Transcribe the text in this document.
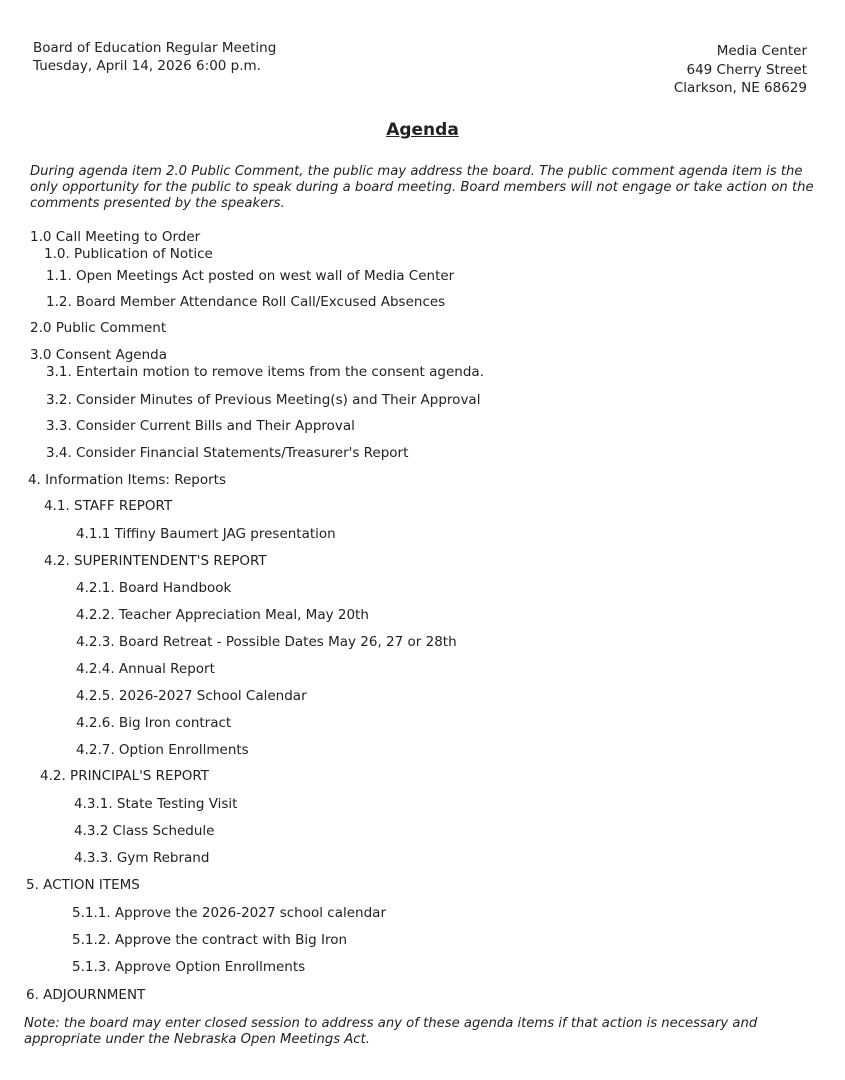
Board of Education Regular Meeting
Tuesday, April 14, 2026 6:00 p.m.
Media Center
649 Cherry Street
Clarkson, NE 68629
Agenda
During agenda item 2.0 Public Comment, the public may address the board. The public comment agenda item is the only opportunity for the public to speak during a board meeting. Board members will not engage or take action on the comments presented by the speakers.
1.0 Call Meeting to Order
1.0. Publication of Notice
1.1. Open Meetings Act posted on west wall of Media Center
1.2. Board Member Attendance Roll Call/Excused Absences
2.0 Public Comment
3.0 Consent Agenda
3.1. Entertain motion to remove items from the consent agenda.
3.2. Consider Minutes of Previous Meeting(s) and Their Approval
3.3. Consider Current Bills and Their Approval
3.4. Consider Financial Statements/Treasurer's Report
4. Information Items: Reports
4.1. STAFF REPORT
4.1.1 Tiffiny Baumert JAG presentation
4.2. SUPERINTENDENT'S REPORT
4.2.1. Board Handbook
4.2.2. Teacher Appreciation Meal, May 20th
4.2.3. Board Retreat - Possible Dates May 26, 27 or 28th
4.2.4. Annual Report
4.2.5. 2026-2027 School Calendar
4.2.6. Big Iron contract
4.2.7. Option Enrollments
4.2. PRINCIPAL'S REPORT
4.3.1. State Testing Visit
4.3.2 Class Schedule
4.3.3. Gym Rebrand
5. ACTION ITEMS
5.1.1. Approve the 2026-2027 school calendar
5.1.2. Approve the contract with Big Iron
5.1.3. Approve Option Enrollments
6. ADJOURNMENT
Note: the board may enter closed session to address any of these agenda items if that action is necessary and appropriate under the Nebraska Open Meetings Act.
